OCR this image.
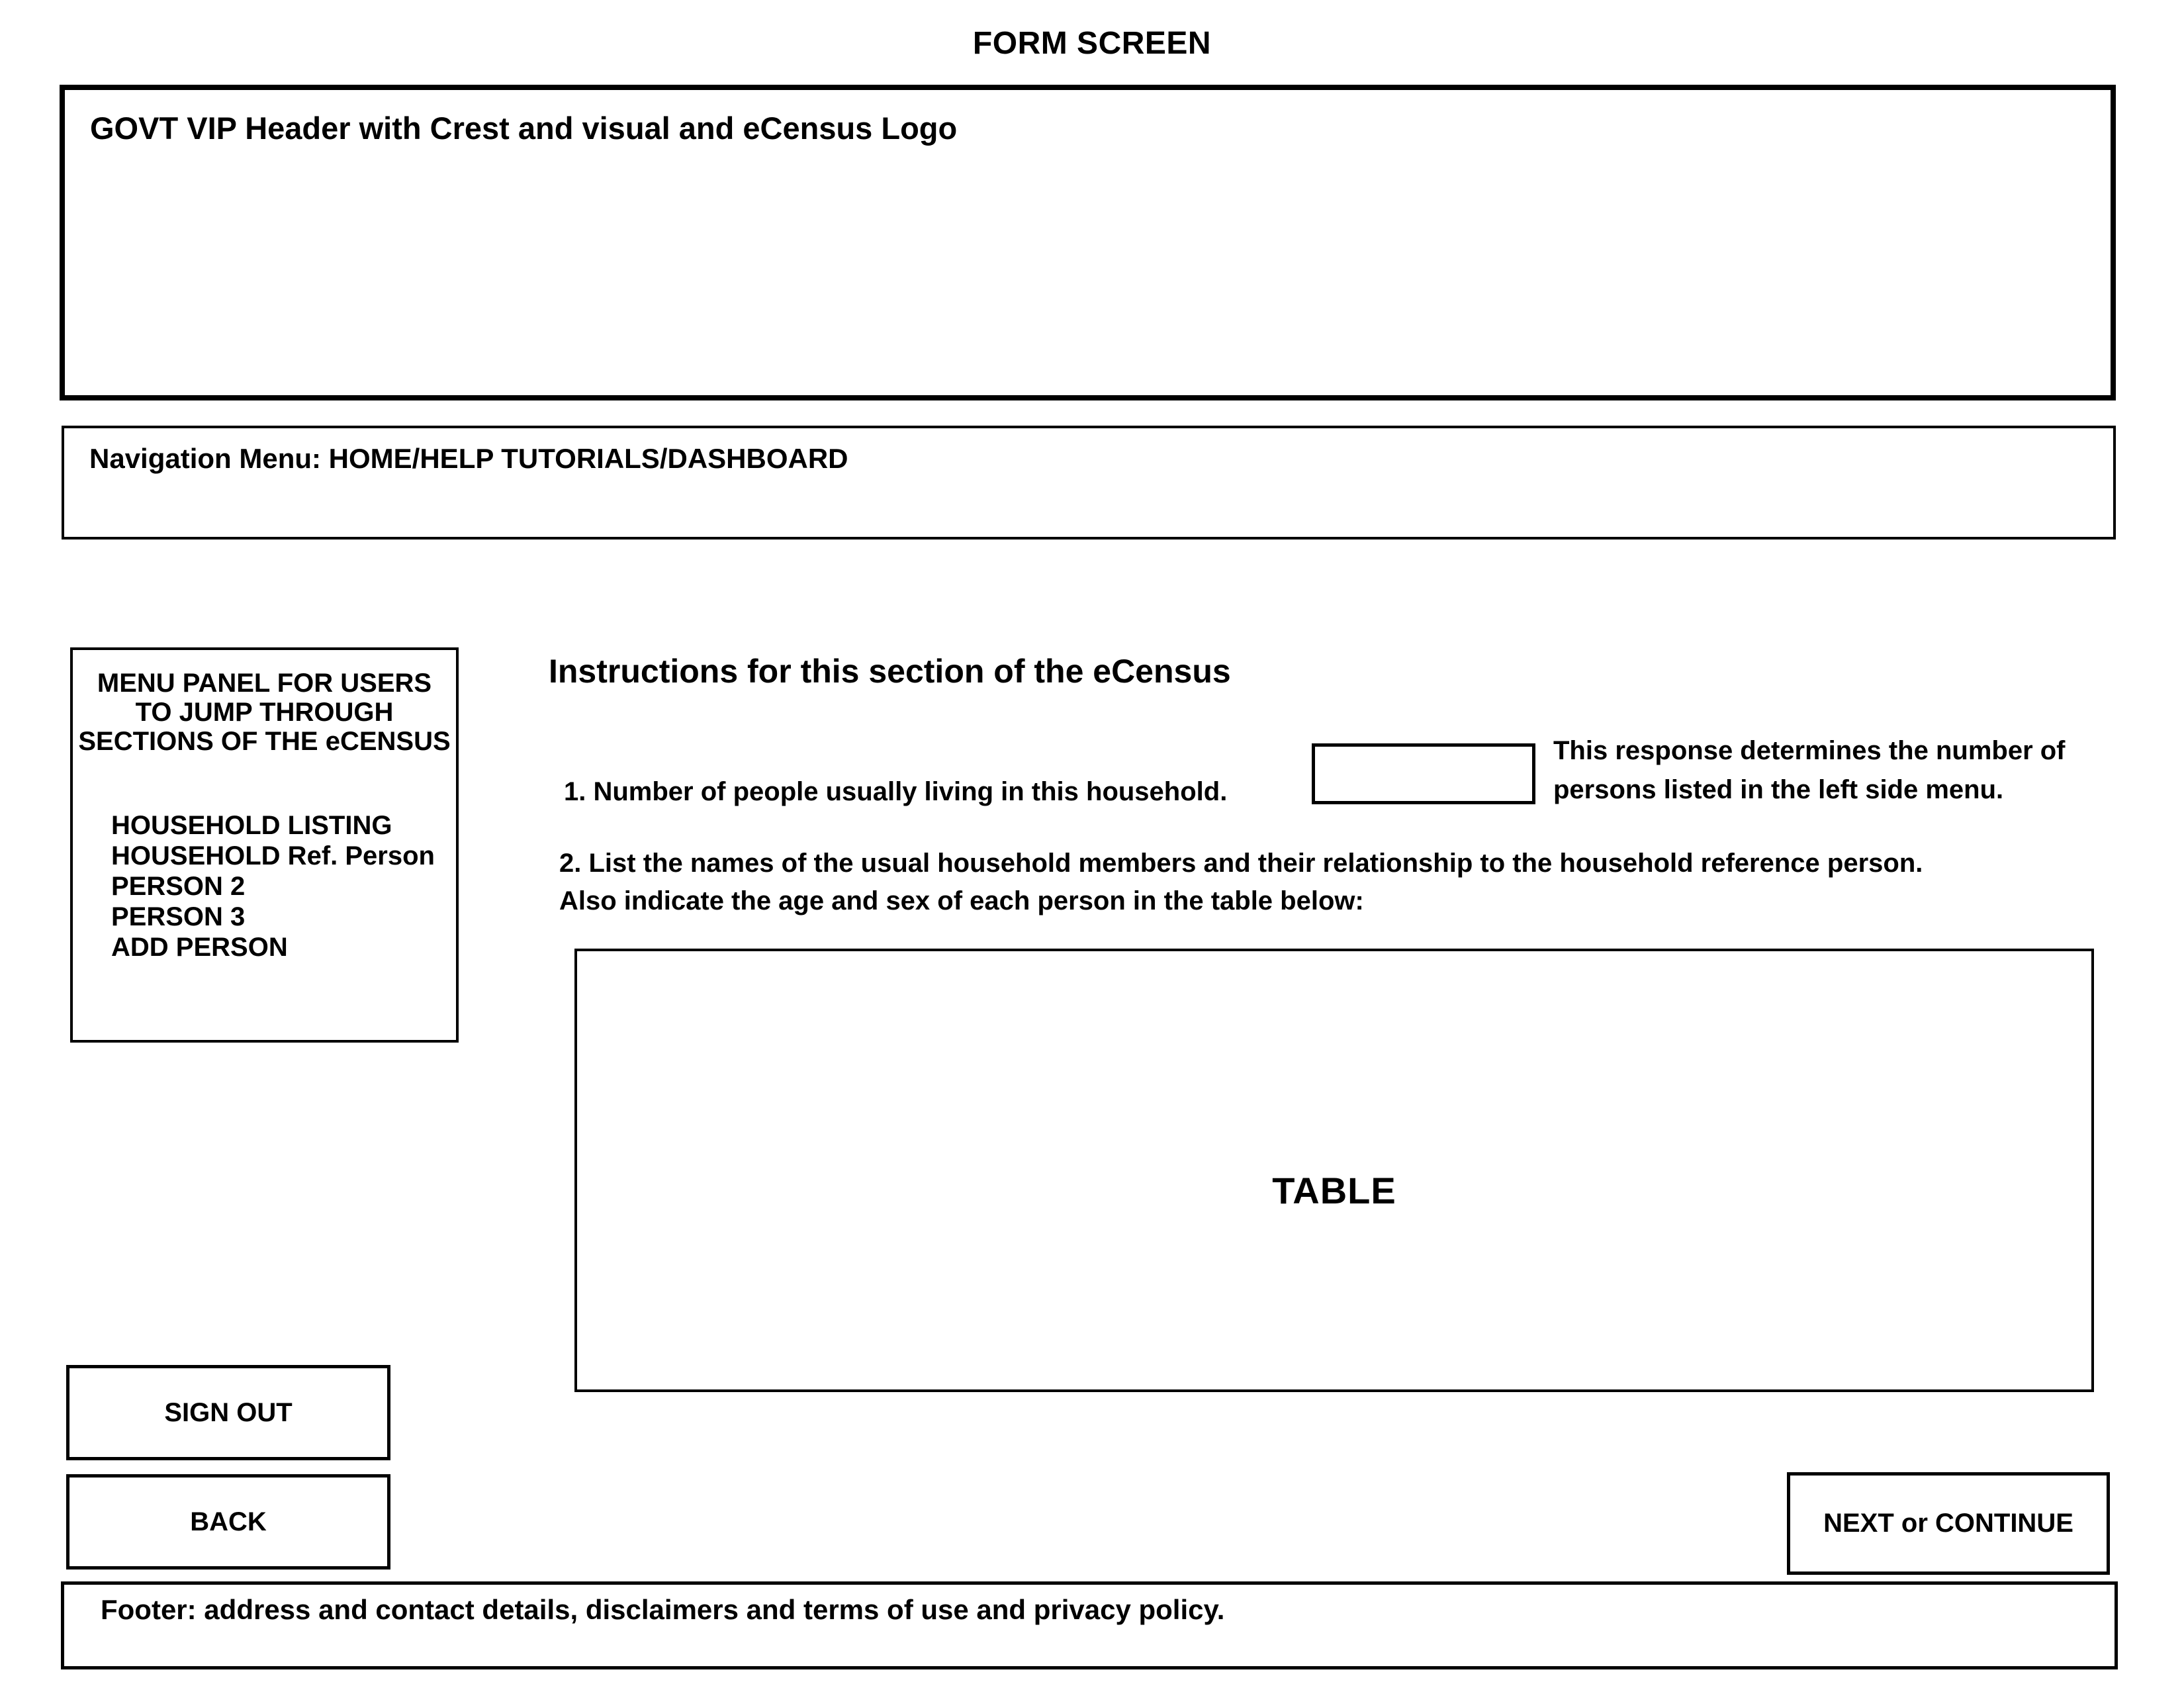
FORM SCREEN
GOVT VIP Header with Crest and visual and eCensus Logo
Navigation Menu: HOME/HELP TUTORIALS/DASHBOARD
MENU PANEL FOR USERS
TO JUMP THROUGH
SECTIONS OF THE eCENSUS
HOUSEHOLD LISTING
HOUSEHOLD Ref. Person
PERSON 2
PERSON 3
ADD PERSON
Instructions for this section of the eCensus
1. Number of people usually living in this household.
This response determines the number of
persons listed in the left side menu.
2. List the names of the usual household members and their relationship to the household reference person.
Also indicate the age and sex of each person in the table below:
TABLE
SIGN OUT
BACK	NEXT or CONTINUE
Footer: address and contact details, disclaimers and terms of use and privacy policy.
